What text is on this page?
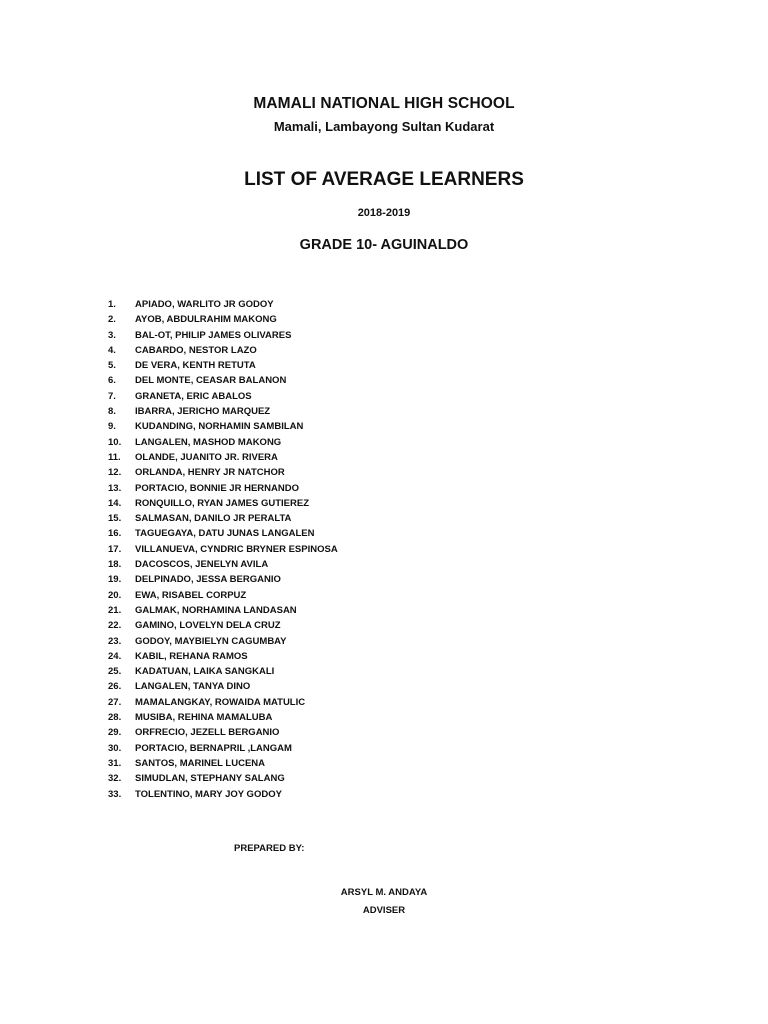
MAMALI NATIONAL HIGH SCHOOL
Mamali, Lambayong Sultan Kudarat
LIST OF AVERAGE LEARNERS
2018-2019
GRADE 10- AGUINALDO
1. APIADO, WARLITO JR GODOY
2. AYOB, ABDULRAHIM MAKONG
3. BAL-OT, PHILIP JAMES OLIVARES
4. CABARDO, NESTOR LAZO
5. DE VERA, KENTH RETUTA
6. DEL MONTE, CEASAR BALANON
7. GRANETA, ERIC ABALOS
8. IBARRA, JERICHO MARQUEZ
9. KUDANDING, NORHAMIN SAMBILAN
10. LANGALEN, MASHOD MAKONG
11. OLANDE, JUANITO JR. RIVERA
12. ORLANDA, HENRY JR NATCHOR
13. PORTACIO, BONNIE JR HERNANDO
14. RONQUILLO, RYAN JAMES GUTIEREZ
15. SALMASAN, DANILO JR PERALTA
16. TAGUEGAYA, DATU JUNAS LANGALEN
17. VILLANUEVA, CYNDRIC BRYNER ESPINOSA
18. DACOSCOS, JENELYN AVILA
19. DELPINADO, JESSA BERGANIO
20. EWA, RISABEL CORPUZ
21. GALMAK, NORHAMINA LANDASAN
22. GAMINO, LOVELYN DELA CRUZ
23. GODOY, MAYBIELYN CAGUMBAY
24. KABIL, REHANA RAMOS
25. KADATUAN, LAIKA SANGKALI
26. LANGALEN, TANYA DINO
27. MAMALANGKAY, ROWAIDA MATULIC
28. MUSIBA, REHINA MAMALUBA
29. ORFRECIO, JEZELL BERGANIO
30. PORTACIO, BERNAPRIL ,LANGAM
31. SANTOS, MARINEL LUCENA
32. SIMUDLAN, STEPHANY SALANG
33. TOLENTINO, MARY JOY GODOY
PREPARED BY:
ARSYL M. ANDAYA
ADVISER
